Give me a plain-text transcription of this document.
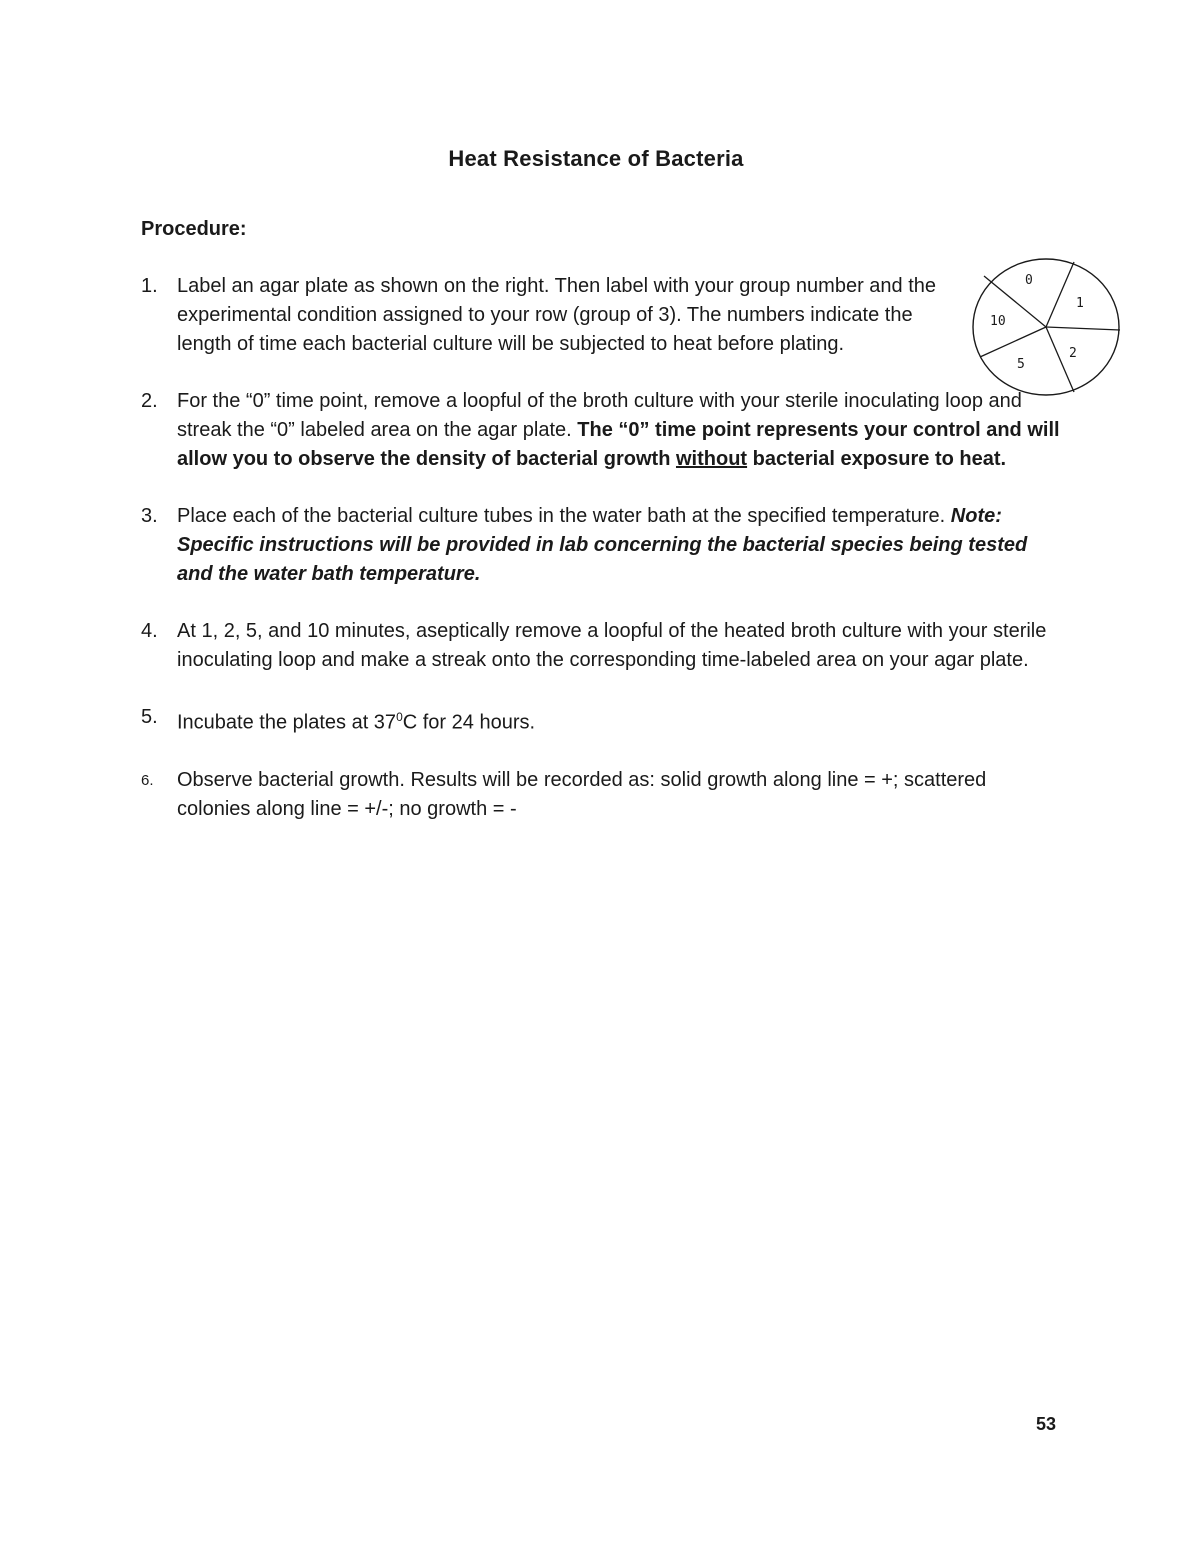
Heat Resistance of Bacteria
Procedure:
0
1
2
5
10
1. Label an agar plate as shown on the right. Then label with your group number and the experimental condition assigned to your row (group of 3). The numbers indicate the length of time each bacterial culture will be subjected to heat before plating.
2. For the “0” time point, remove a loopful of the broth culture with your sterile inoculating loop and streak the “0” labeled area on the agar plate. The “0” time point represents your control and will allow you to observe the density of bacterial growth without bacterial exposure to heat.
3. Place each of the bacterial culture tubes in the water bath at the specified temperature. Note: Specific instructions will be provided in lab concerning the bacterial species being tested and the water bath temperature.
4. At 1, 2, 5, and 10 minutes, aseptically remove a loopful of the heated broth culture with your sterile inoculating loop and make a streak onto the corresponding time-labeled area on your agar plate.
5. Incubate the plates at $37^0C$ for 24 hours.
6. Observe bacterial growth. Results will be recorded as: solid growth along line = +; scattered colonies along line = +/-; no growth = -
53
